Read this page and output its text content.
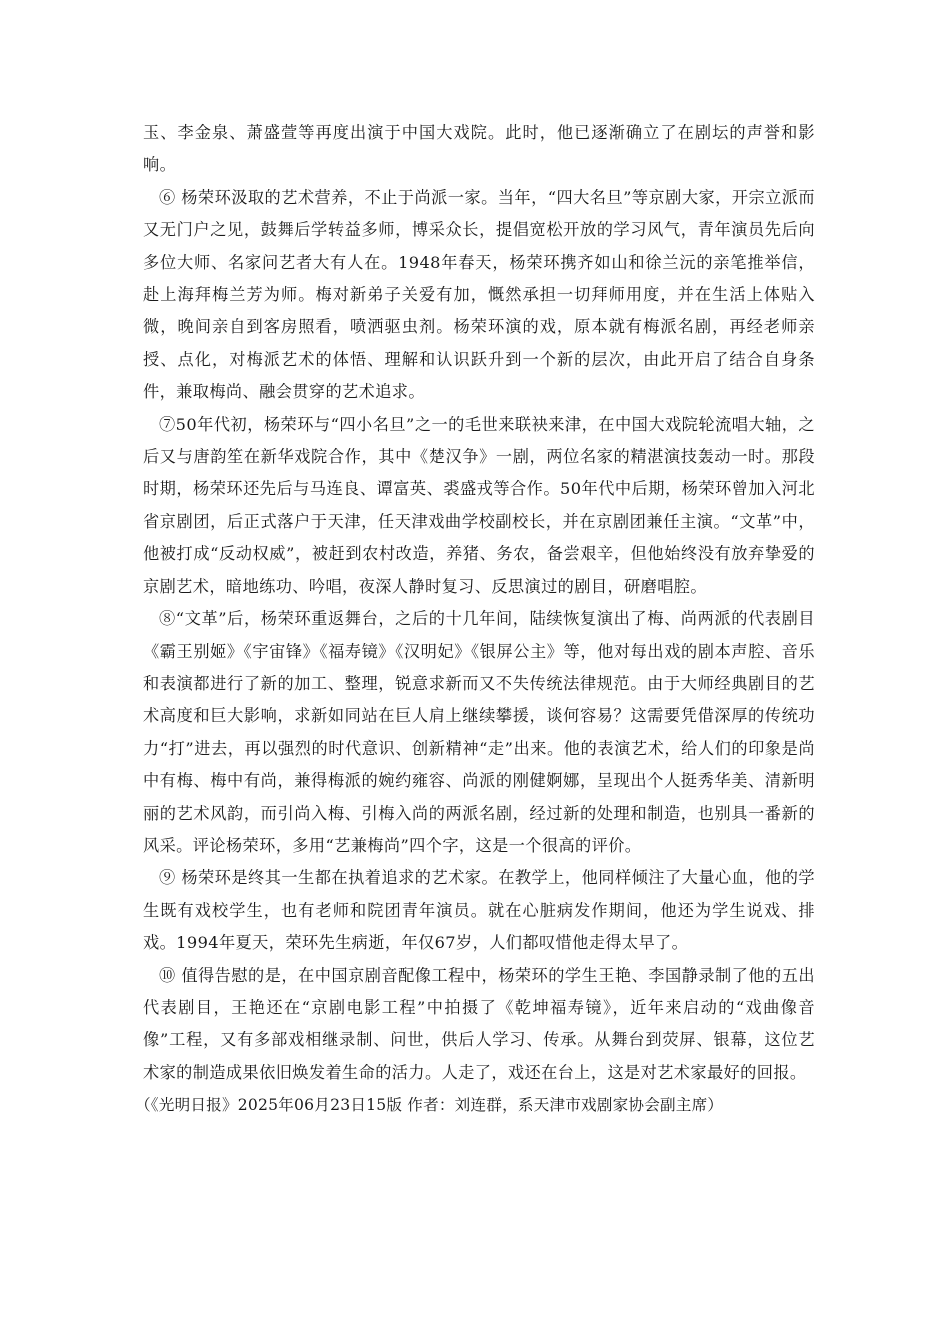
玉、李金泉、萧盛萱等再度出演于中国大戏院。此时，他已逐渐确立了在剧坛的声誉和影响。

⑥ 杨荣环汲取的艺术营养，不止于尚派一家。当年，“四大名旦”等京剧大家，开宗立派而又无门户之见，鼓舞后学转益多师，博采众长，提倡宽松开放的学习风气，青年演员先后向多位大师、名家问艺者大有人在。1948年春天，杨荣环携齐如山和徐兰沅的亲笔推举信，赴上海拜梅兰芳为师。梅对新弟子关爱有加，慨然承担一切拜师用度，并在生活上体贴入微，晚间亲自到客房照看，喷洒驱虫剂。杨荣环演的戏，原本就有梅派名剧，再经老师亲授、点化，对梅派艺术的体悟、理解和认识跃升到一个新的层次，由此开启了结合自身条件，兼取梅尚、融会贯穿的艺术追求。

⑦50年代初，杨荣环与“四小名旦”之一的毛世来联袂来津，在中国大戏院轮流唱大轴，之后又与唐韵笙在新华戏院合作，其中《楚汉争》一剧，两位名家的精湛演技轰动一时。那段时期，杨荣环还先后与马连良、谭富英、裘盛戎等合作。50年代中后期，杨荣环曾加入河北省京剧团，后正式落户于天津，任天津戏曲学校副校长，并在京剧团兼任主演。“文革”中，他被打成“反动权威”，被赶到农村改造，养猪、务农，备尝艰辛，但他始终没有放弃挚爱的京剧艺术，暗地练功、吟唱，夜深人静时复习、反思演过的剧目，研磨唱腔。

⑧“文革”后，杨荣环重返舞台，之后的十几年间，陆续恢复演出了梅、尚两派的代表剧目《霸王别姬》《宇宙锋》《福寿镜》《汉明妃》《银屏公主》等，他对每出戏的剧本声腔、音乐和表演都进行了新的加工、整理，锐意求新而又不失传统法律规范。由于大师经典剧目的艺术高度和巨大影响，求新如同站在巨人肩上继续攀援，谈何容易？这需要凭借深厚的传统功力“打”进去，再以强烈的时代意识、创新精神“走”出来。他的表演艺术，给人们的印象是尚中有梅、梅中有尚，兼得梅派的婉约雍容、尚派的刚健婀娜，呈现出个人挺秀华美、清新明丽的艺术风韵，而引尚入梅、引梅入尚的两派名剧，经过新的处理和制造，也别具一番新的风采。评论杨荣环，多用“艺兼梅尚”四个字，这是一个很高的评价。

⑨ 杨荣环是终其一生都在执着追求的艺术家。在教学上，他同样倾注了大量心血，他的学生既有戏校学生，也有老师和院团青年演员。就在心脏病发作期间，他还为学生说戏、排戏。1994年夏天，荣环先生病逝，年仅67岁，人们都叹惜他走得太早了。

⑩ 值得告慰的是，在中国京剧音配像工程中，杨荣环的学生王艳、李国静录制了他的五出代表剧目，王艳还在“京剧电影工程”中拍摄了《乾坤福寿镜》，近年来启动的“戏曲像音像”工程，又有多部戏相继录制、问世，供后人学习、传承。从舞台到荧屏、银幕，这位艺术家的制造成果依旧焕发着生命的活力。人走了，戏还在台上，这是对艺术家最好的回报。

（《光明日报》2025年06月23日15版 作者：刘连群，系天津市戏剧家协会副主席）
